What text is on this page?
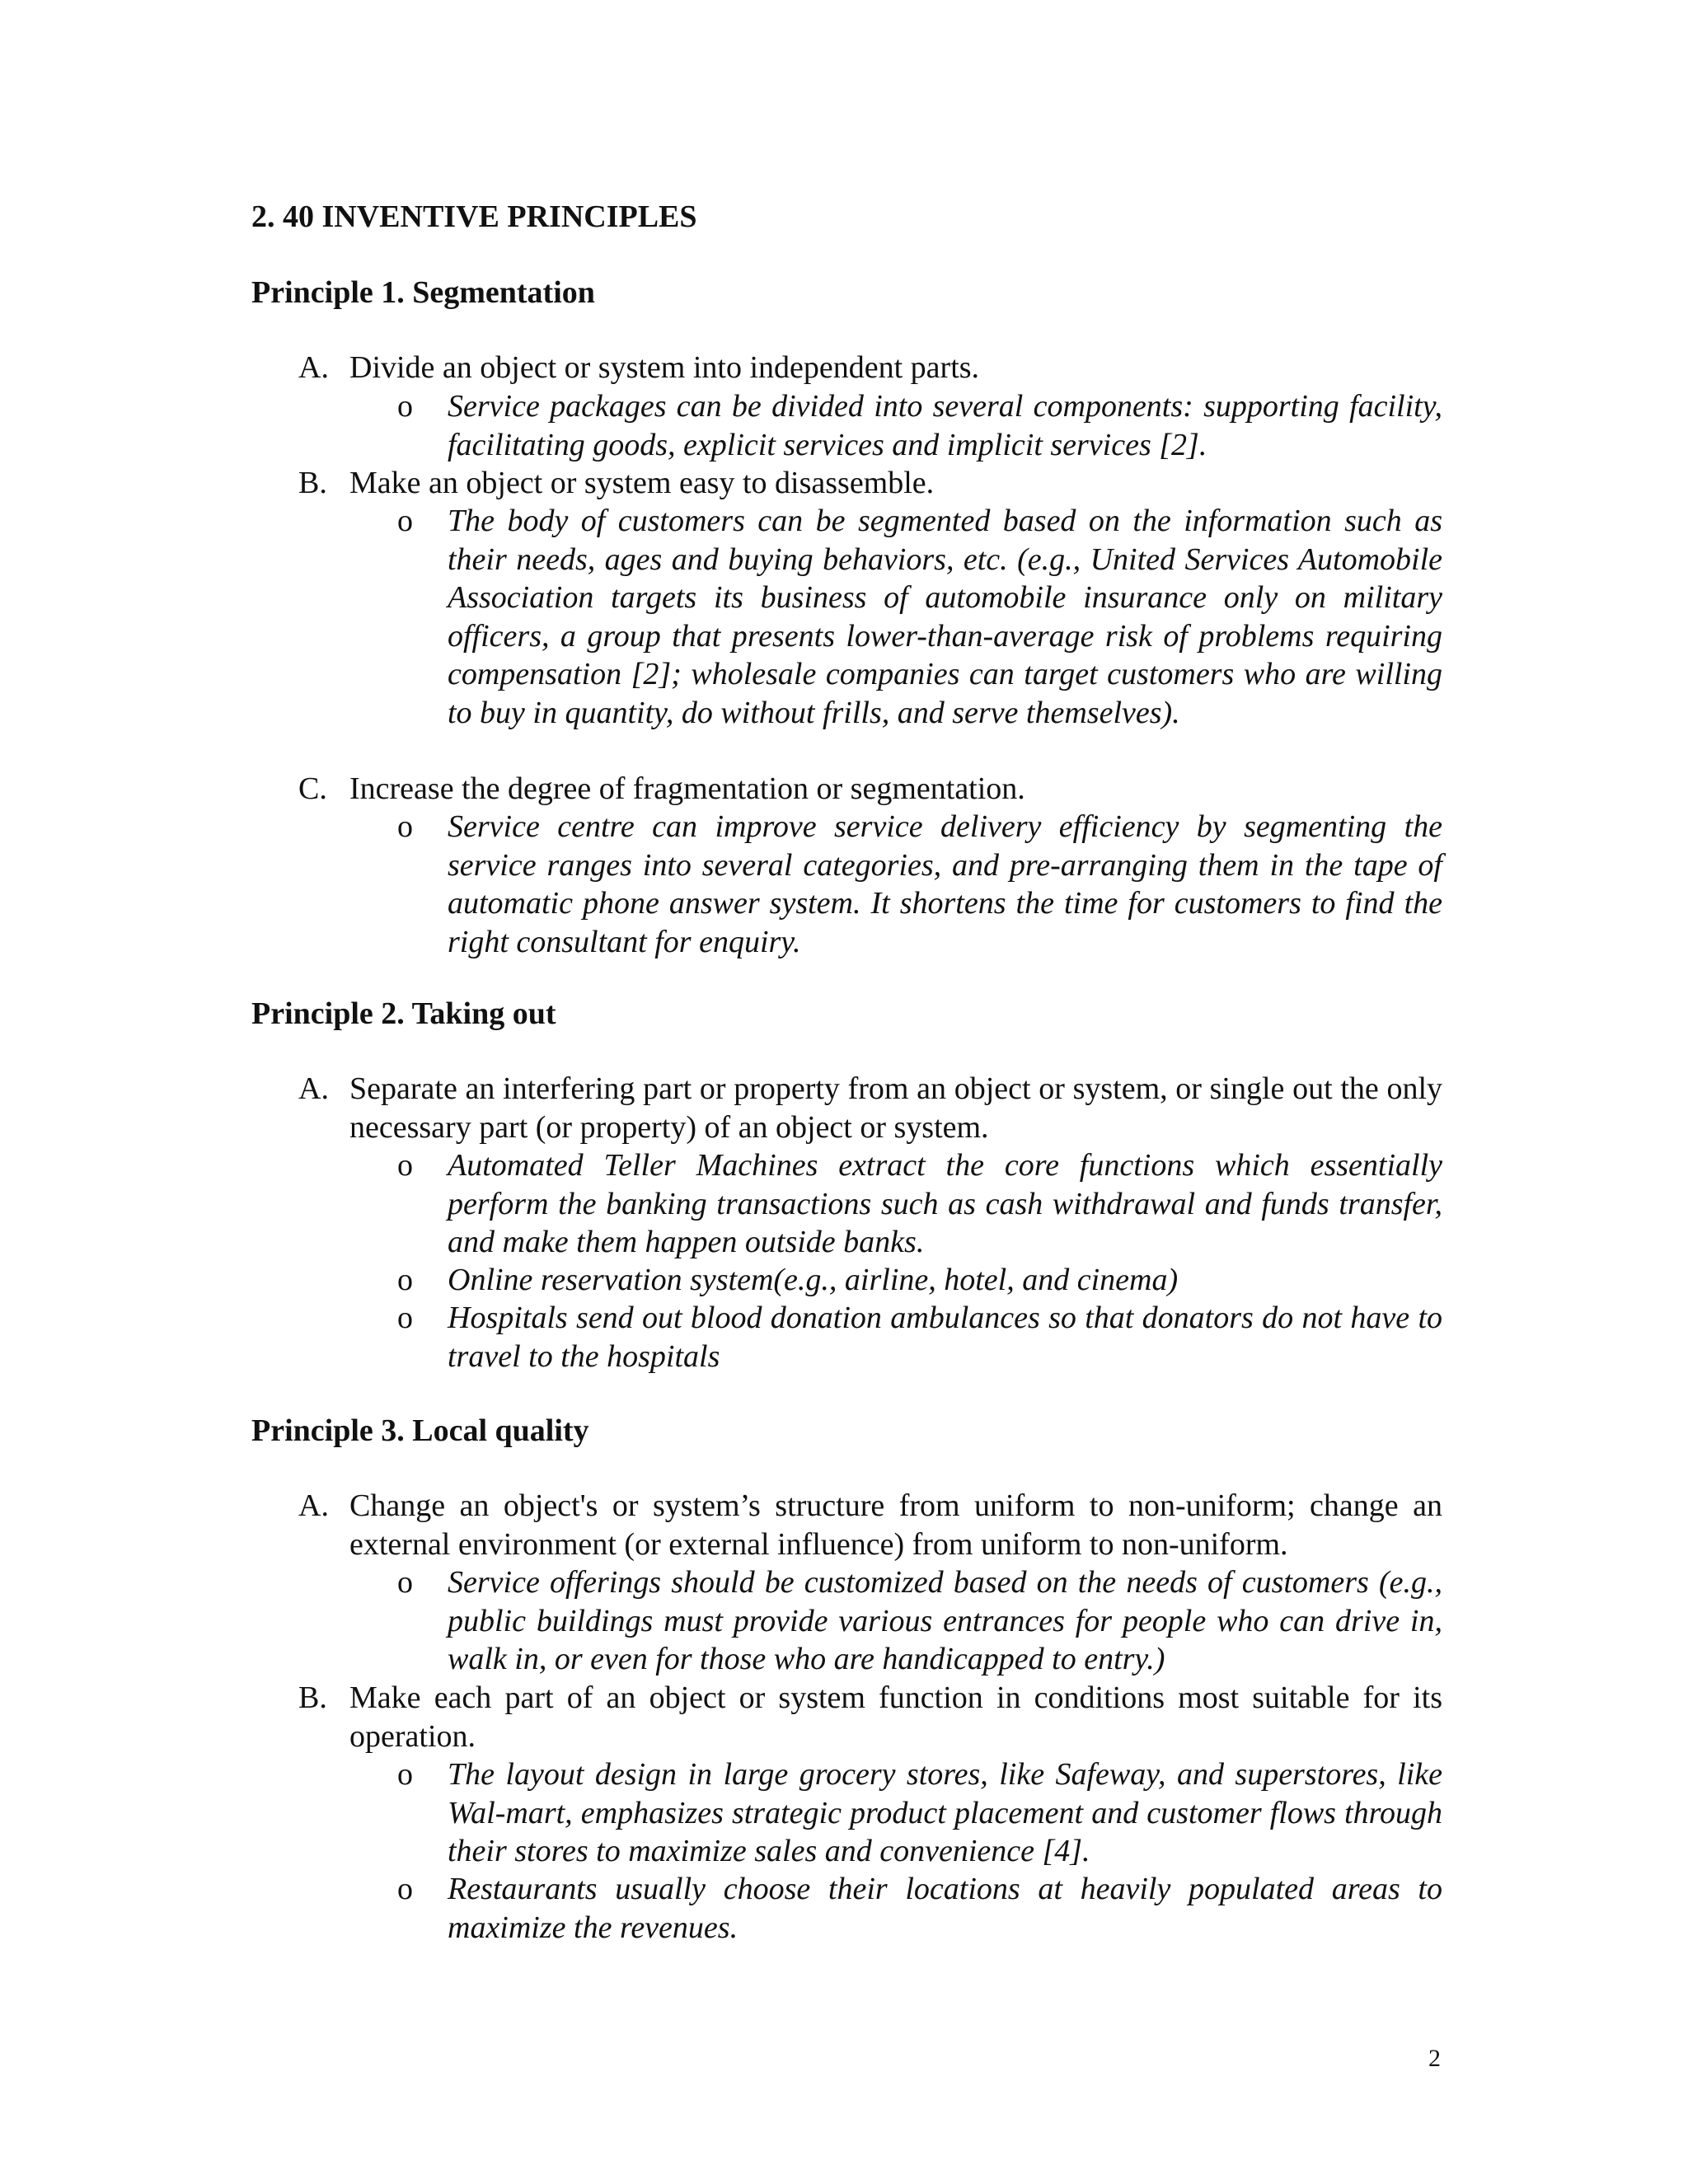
2. 40 INVENTIVE PRINCIPLES
Principle 1. Segmentation
A. Divide an object or system into independent parts.
o	Service packages can be divided into several components: supporting facility, facilitating goods, explicit services and implicit services [2].
B. Make an object or system easy to disassemble.
o	The body of customers can be segmented based on the information such as their needs, ages and buying behaviors, etc. (e.g., United Services Automobile Association targets its business of automobile insurance only on military officers, a group that presents lower-than-average risk of problems requiring compensation [2]; wholesale companies can target customers who are willing to buy in quantity, do without frills, and serve themselves).
C. Increase the degree of fragmentation or segmentation.
o	Service centre can improve service delivery efficiency by segmenting the service ranges into several categories, and pre-arranging them in the tape of automatic phone answer system. It shortens the time for customers to find the right consultant for enquiry.
Principle 2. Taking out
A. Separate an interfering part or property from an object or system, or single out the only necessary part (or property) of an object or system.
o	Automated Teller Machines extract the core functions which essentially perform the banking transactions such as cash withdrawal and funds transfer, and make them happen outside banks.
o	Online reservation system(e.g., airline, hotel, and cinema)
o	Hospitals send out blood donation ambulances so that donators do not have to travel to the hospitals
Principle 3. Local quality
A. Change an object's or system’s structure from uniform to non-uniform; change an external environment (or external influence) from uniform to non-uniform.
o	Service offerings should be customized based on the needs of customers (e.g., public buildings must provide various entrances for people who can drive in, walk in, or even for those who are handicapped to entry.)
B. Make each part of an object or system function in conditions most suitable for its operation.
o	The layout design in large grocery stores, like Safeway, and superstores, like Wal-mart, emphasizes strategic product placement and customer flows through their stores to maximize sales and convenience [4].
o	Restaurants usually choose their locations at heavily populated areas to maximize the revenues.
2
